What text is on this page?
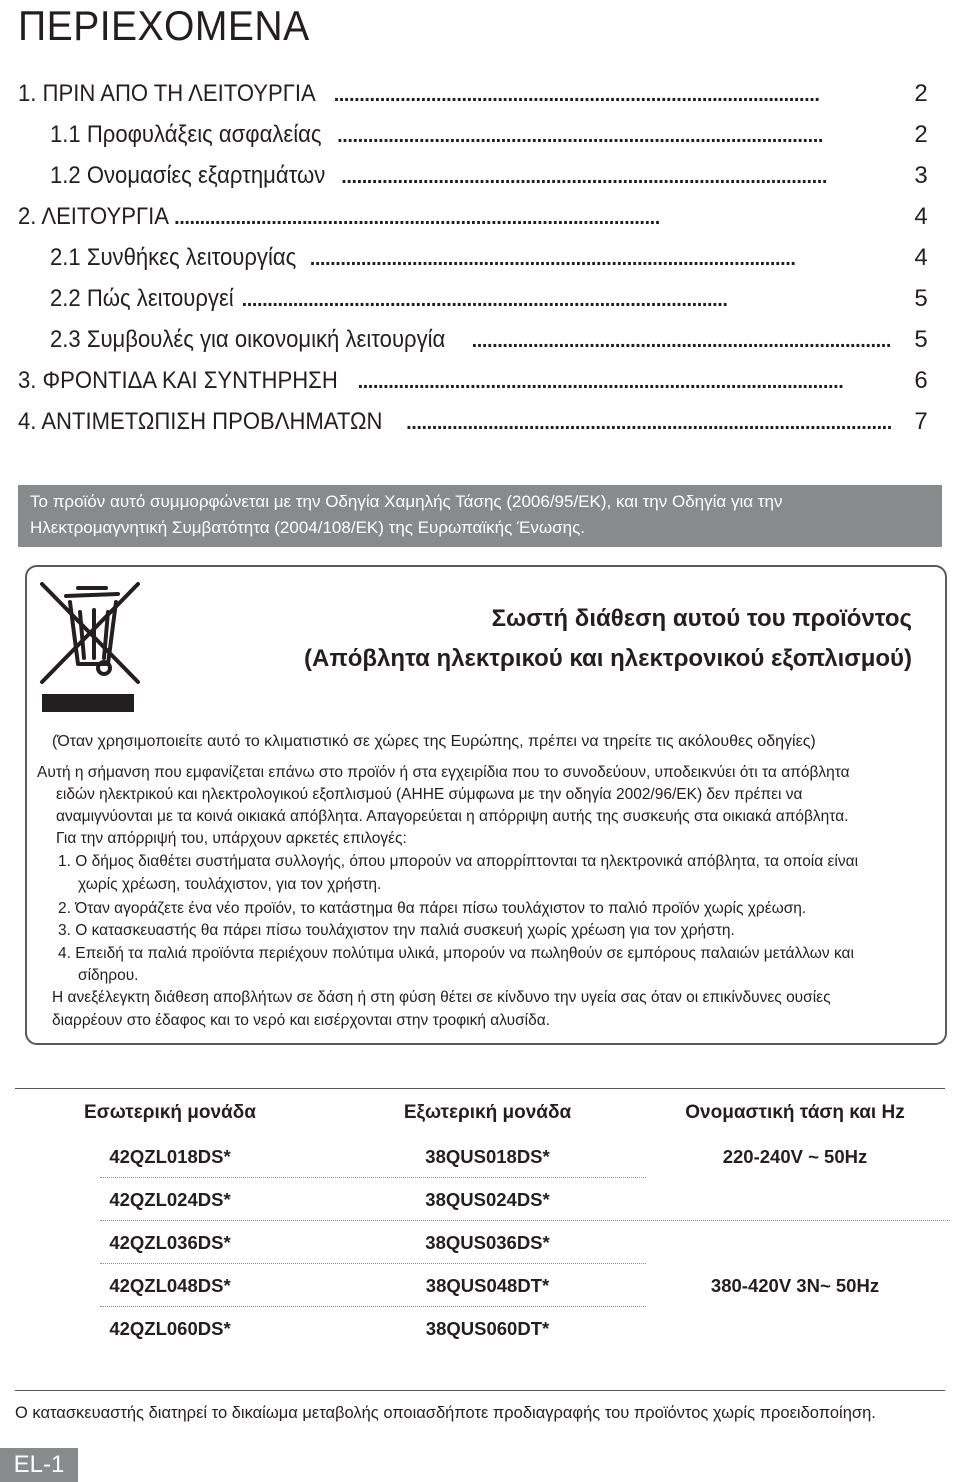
ΠΕΡΙΕΧΟΜΕΝΑ
1. ΠΡΙΝ ΑΠΟ ΤΗ ΛΕΙΤΟΥΡΓΙΑ . . .	2
1.1 Προφυλάξεις ασφαλείας . . .	2
1.2 Ονομασίες εξαρτημάτων . . .	3
2. ΛΕΙΤΟΥΡΓΙΑ . . .	4
2.1 Συνθήκες λειτουργίας . . .	4
2.2 Πώς λειτουργεί . . .	5
2.3 Συμβουλές για οικονομική λειτουργία . . .	5
3. ΦΡΟΝΤΙΔΑ ΚΑΙ ΣΥΝΤΗΡΗΣΗ . . .	6
4. ΑΝΤΙΜΕΤΩΠΙΣΗ ΠΡΟΒΛΗΜΑΤΩΝ . . .	7
Το προϊόν αυτό συμμορφώνεται με την Οδηγία Χαμηλής Τάσης (2006/95/ΕΚ), και την Οδηγία για την
Ηλεκτρομαγνητική Συμβατότητα (2004/108/ΕΚ) της Ευρωπαϊκής Ένωσης.
Σωστή διάθεση αυτού του προϊόντος
(Απόβλητα ηλεκτρικού και ηλεκτρονικού εξοπλισμού)
(Όταν χρησιμοποιείτε αυτό το κλιματιστικό σε χώρες της Ευρώπης, πρέπει να τηρείτε τις ακόλουθες οδηγίες)
Αυτή η σήμανση που εμφανίζεται επάνω στο προϊόν ή στα εγχειρίδια που το συνοδεύουν, υποδεικνύει ότι τα απόβλητα
ειδών ηλεκτρικού και ηλεκτρολογικού εξοπλισμού (ΑΗΗΕ σύμφωνα με την οδηγία 2002/96/ΕΚ) δεν πρέπει να
αναμιγνύονται με τα κοινά οικιακά απόβλητα. Απαγορεύεται η απόρριψη αυτής της συσκευής στα οικιακά απόβλητα.
Για την απόρριψή του, υπάρχουν αρκετές επιλογές:
1. Ο δήμος διαθέτει συστήματα συλλογής, όπου μπορούν να απορρίπτονται τα ηλεκτρονικά απόβλητα, τα οποία είναι
χωρίς χρέωση, τουλάχιστον, για τον χρήστη.
2. Όταν αγοράζετε ένα νέο προϊόν, το κατάστημα θα πάρει πίσω τουλάχιστον το παλιό προϊόν χωρίς χρέωση.
3. Ο κατασκευαστής θα πάρει πίσω τουλάχιστον την παλιά συσκευή χωρίς χρέωση για τον χρήστη.
4. Επειδή τα παλιά προϊόντα περιέχουν πολύτιμα υλικά, μπορούν να πωληθούν σε εμπόρους παλαιών μετάλλων και
σίδηρου.
Η ανεξέλεγκτη διάθεση αποβλήτων σε δάση ή στη φύση θέτει σε κίνδυνο την υγεία σας όταν οι επικίνδυνες ουσίες
διαρρέουν στο έδαφος και το νερό και εισέρχονται στην τροφική αλυσίδα.
Εσωτερική μονάδα	Εξωτερική μονάδα	Ονομαστική τάση και Hz
42QZL018DS*	38QUS018DS*	220-240V ~ 50Hz
42QZL024DS*	38QUS024DS*
42QZL036DS*	38QUS036DS*
42QZL048DS*	38QUS048DT*	380-420V 3N~ 50Hz
42QZL060DS*	38QUS060DT*
Ο κατασκευαστής διατηρεί το δικαίωμα μεταβολής οποιασδήποτε προδιαγραφής του προϊόντος χωρίς προειδοποίηση.
EL-1
